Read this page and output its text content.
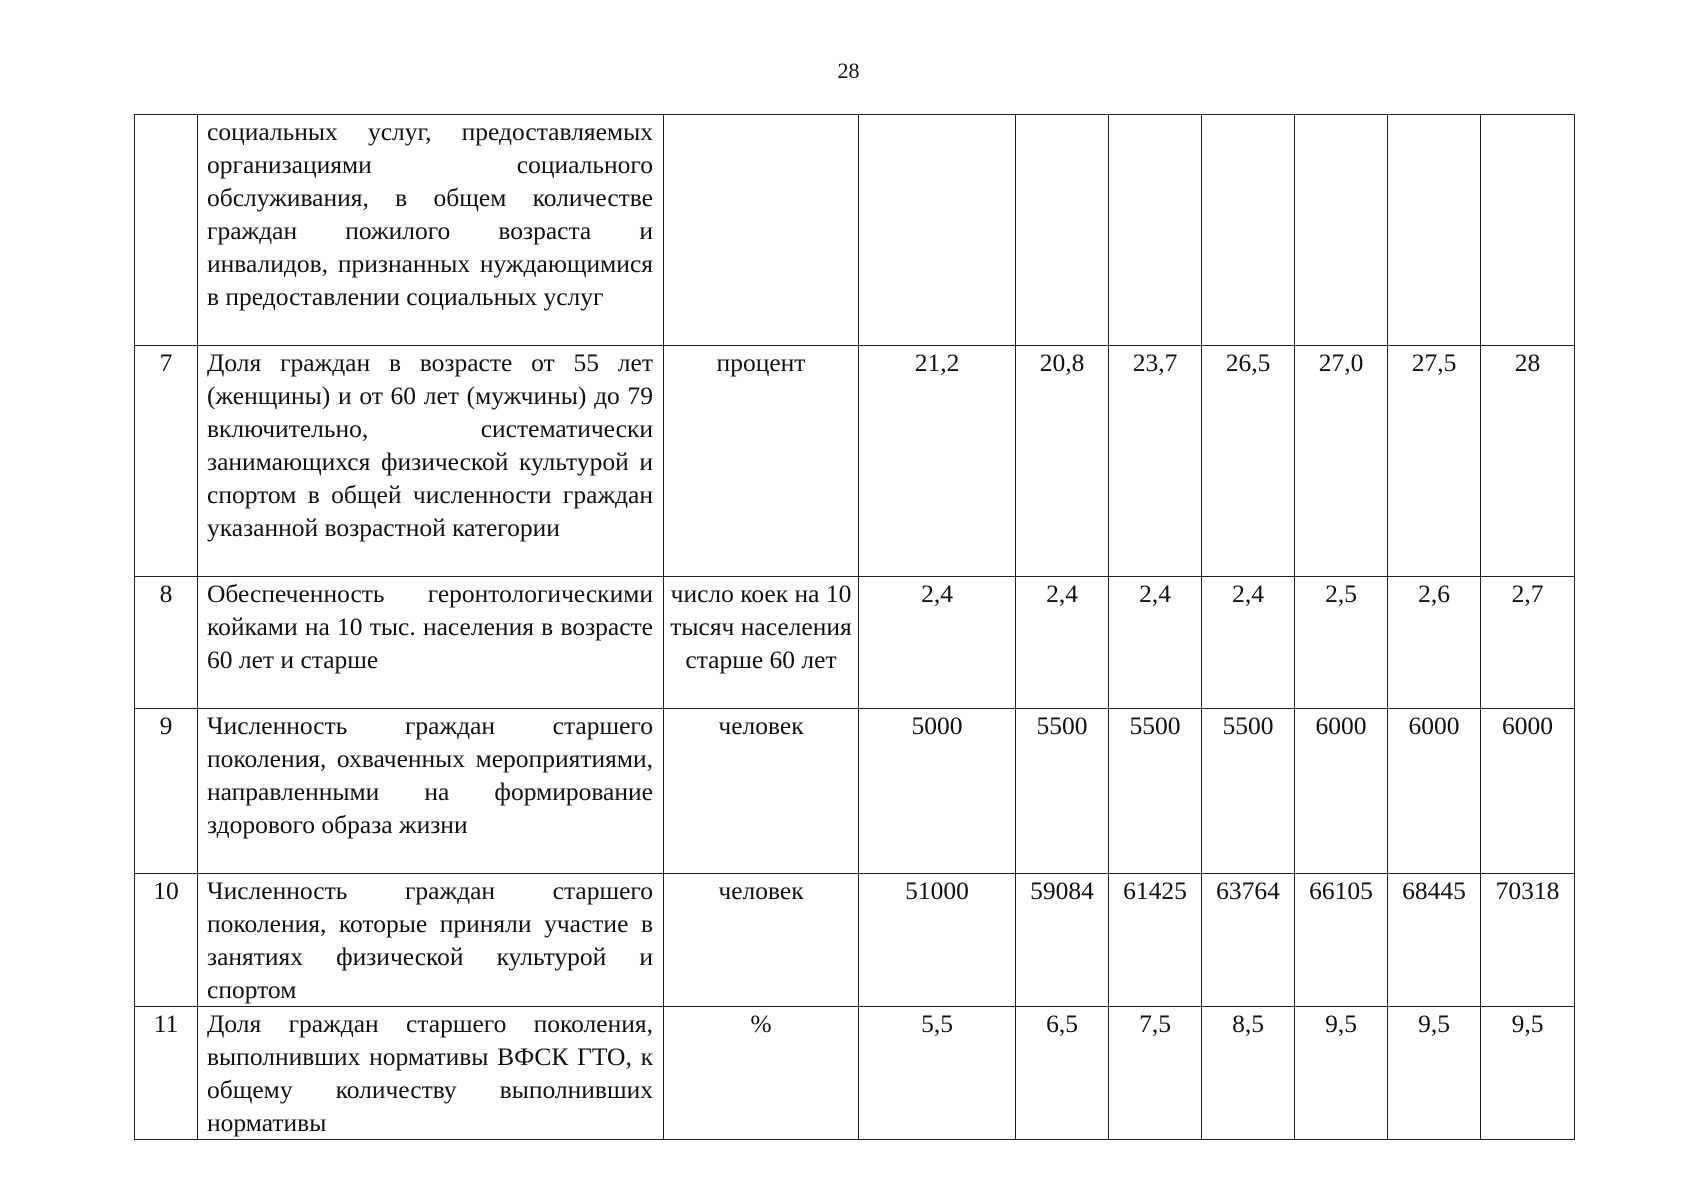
28

	социальных услуг, предоставляемых организациями социального обслуживания, в общем количестве граждан пожилого возраста и инвалидов, признанных нуждающимися в предоставлении социальных услуг								

7	Доля граждан в возрасте от 55 лет (женщины) и от 60 лет (мужчины) до 79 включительно, систематически занимающихся физической культурой и спортом в общей численности граждан указанной возрастной категории	процент	21,2	20,8	23,7	26,5	27,0	27,5	28
8	Обеспеченность геронтологическими койками на 10 тыс. населения в возрасте 60 лет и старше	число коек на 10 тысяч населения старше 60 лет	2,4	2,4	2,4	2,4	2,5	2,6	2,7
9	Численность граждан старшего поколения, охваченных мероприятиями, направленными на формирование здорового образа жизни	человек	5000	5500	5500	5500	6000	6000	6000
10	Численность граждан старшего поколения, которые приняли участие в занятиях физической культурой и спортом	человек	51000	59084	61425	63764	66105	68445	70318
11	Доля граждан старшего поколения, выполнивших нормативы ВФСК ГТО, к общему количеству выполнивших нормативы	%	5,5	6,5	7,5	8,5	9,5	9,5	9,5
